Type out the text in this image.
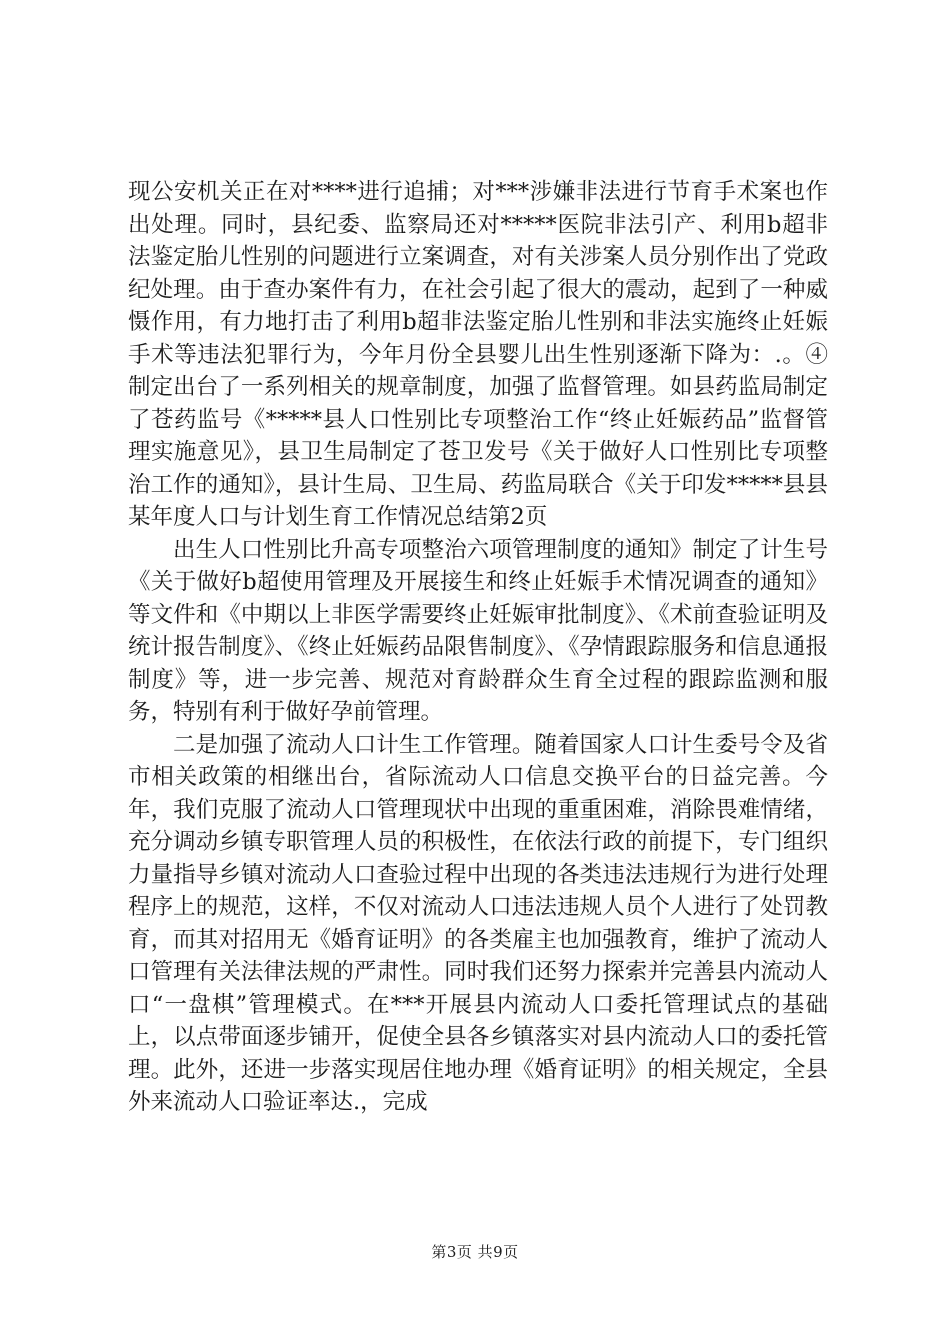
现公安机关正在对****进行追捕；对***涉嫌非法进行节育手术案也作出处理。同时，县纪委、监察局还对*****医院非法引产、利用b超非法鉴定胎儿性别的问题进行立案调查，对有关涉案人员分别作出了党政纪处理。由于查办案件有力，在社会引起了很大的震动，起到了一种威慑作用，有力地打击了利用b超非法鉴定胎儿性别和非法实施终止妊娠手术等违法犯罪行为，今年月份全县婴儿出生性别逐渐下降为：.。④制定出台了一系列相关的规章制度，加强了监督管理。如县药监局制定了苍药监号《*****县人口性别比专项整治工作“终止妊娠药品”监督管理实施意见》，县卫生局制定了苍卫发号《关于做好人口性别比专项整治工作的通知》，县计生局、卫生局、药监局联合《关于印发*****县县某年度人口与计划生育工作情况总结第2页

出生人口性别比升高专项整治六项管理制度的通知》制定了计生号《关于做好b超使用管理及开展接生和终止妊娠手术情况调查的通知》等文件和《中期以上非医学需要终止妊娠审批制度》、《术前查验证明及统计报告制度》、《终止妊娠药品限售制度》、《孕情跟踪服务和信息通报制度》等，进一步完善、规范对育龄群众生育全过程的跟踪监测和服务，特别有利于做好孕前管理。

二是加强了流动人口计生工作管理。随着国家人口计生委号令及省市相关政策的相继出台，省际流动人口信息交换平台的日益完善。今年，我们克服了流动人口管理现状中出现的重重困难，消除畏难情绪，充分调动乡镇专职管理人员的积极性，在依法行政的前提下，专门组织力量指导乡镇对流动人口查验过程中出现的各类违法违规行为进行处理程序上的规范，这样，不仅对流动人口违法违规人员个人进行了处罚教育，而其对招用无《婚育证明》的各类雇主也加强教育，维护了流动人口管理有关法律法规的严肃性。同时我们还努力探索并完善县内流动人口“一盘棋”管理模式。在***开展县内流动人口委托管理试点的基础上，以点带面逐步铺开，促使全县各乡镇落实对县内流动人口的委托管理。此外，还进一步落实现居住地办理《婚育证明》的相关规定，全县外来流动人口验证率达.，完成

第3页 共9页
